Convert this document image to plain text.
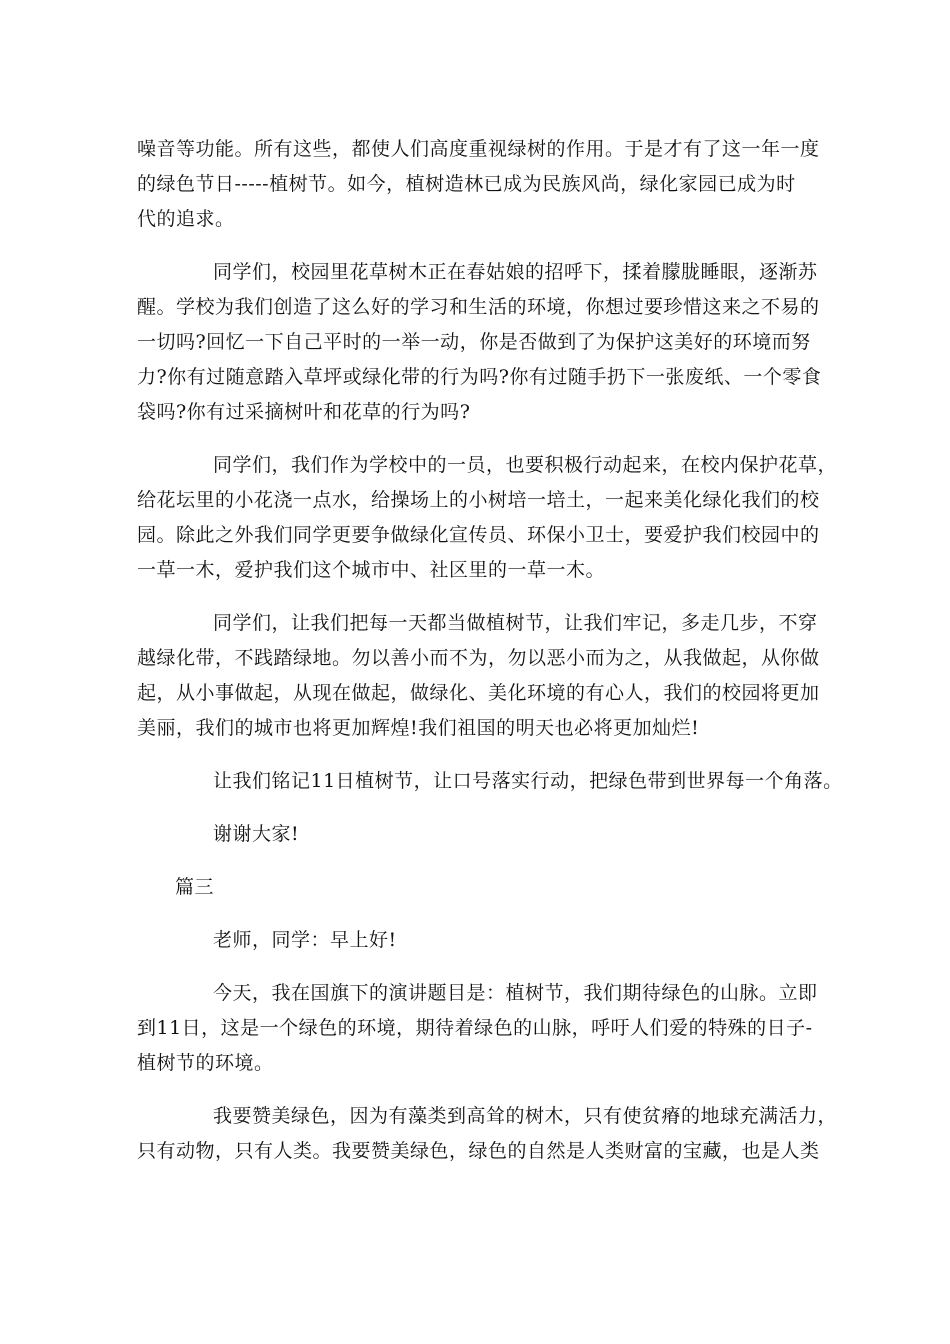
噪音等功能。所有这些，都使人们高度重视绿树的作用。于是才有了这一年一度
的绿色节日-----植树节。如今，植树造林已成为民族风尚，绿化家园已成为时
代的追求。
同学们，校园里花草树木正在春姑娘的招呼下，揉着朦胧睡眼，逐渐苏
醒。学校为我们创造了这么好的学习和生活的环境，你想过要珍惜这来之不易的
一切吗?回忆一下自己平时的一举一动，你是否做到了为保护这美好的环境而努
力?你有过随意踏入草坪或绿化带的行为吗?你有过随手扔下一张废纸、一个零食
袋吗?你有过采摘树叶和花草的行为吗?
同学们，我们作为学校中的一员，也要积极行动起来，在校内保护花草，
给花坛里的小花浇一点水，给操场上的小树培一培土，一起来美化绿化我们的校
园。除此之外我们同学更要争做绿化宣传员、环保小卫士，要爱护我们校园中的
一草一木，爱护我们这个城市中、社区里的一草一木。
同学们，让我们把每一天都当做植树节，让我们牢记，多走几步，不穿
越绿化带，不践踏绿地。勿以善小而不为，勿以恶小而为之，从我做起，从你做
起，从小事做起，从现在做起，做绿化、美化环境的有心人，我们的校园将更加
美丽，我们的城市也将更加辉煌!我们祖国的明天也必将更加灿烂!
让我们铭记11日植树节，让口号落实行动，把绿色带到世界每一个角落。
谢谢大家!
篇三
老师，同学：早上好!
今天，我在国旗下的演讲题目是：植树节，我们期待绿色的山脉。立即
到11日，这是一个绿色的环境，期待着绿色的山脉，呼吁人们爱的特殊的日子-
植树节的环境。
我要赞美绿色，因为有藻类到高耸的树木，只有使贫瘠的地球充满活力，
只有动物，只有人类。我要赞美绿色，绿色的自然是人类财富的宝藏，也是人类
